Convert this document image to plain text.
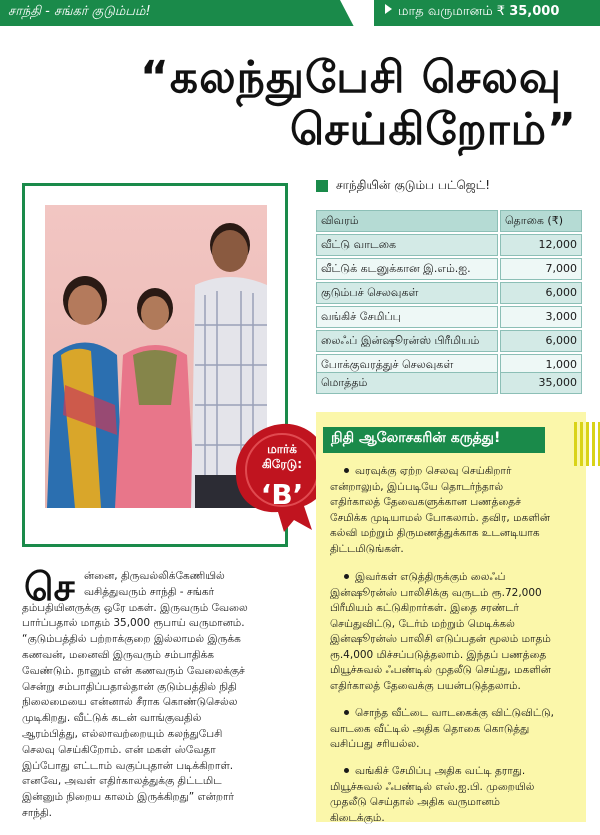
சாந்தி - சங்கர் குடும்பம்!	மாத வருமானம் ₹ 35,000
“கலந்துபேசி செலவு
செய்கிறோம்”
மார்க்
கிரேடு:
‘B’
சாந்தியின் குடும்ப பட்ஜெட்!
விவரம்	தொகை (₹)
வீட்டு வாடகை	12,000
வீட்டுக் கடனுக்கான இ.எம்.ஐ.	7,000
குடும்பச் செலவுகள்	6,000
வங்கிச் சேமிப்பு	3,000
லைஃப் இன்ஷூரன்ஸ் பிரீமியம்	6,000
போக்குவரத்துச் செலவுகள்	1,000
மொத்தம்	35,000
நிதி ஆலோசகரின் கருத்து!

வரவுக்கு ஏற்ற செலவு செய்கிறார்

என்றாலும், இப்படியே தொடர்ந்தால்

எதிர்காலத் தேவைகளுக்கான பணத்தைச்

சேமிக்க முடியாமல் போகலாம். தவிர, மகளின்

கல்வி மற்றும் திருமணத்துக்காக உடனடியாக

திட்டமிடுங்கள்.

இவர்கள் எடுத்திருக்கும் லைஃப்

இன்ஷூரன்ஸ் பாலிசிக்கு வருடம் ரூ.72,000

பிரீமியம் கட்டுகிறார்கள். இதை சரண்டர்

செய்துவிட்டு, டேர்ம் மற்றும் மெடிக்கல்

இன்ஷூரன்ஸ் பாலிசி எடுப்பதன் மூலம் மாதம்

ரூ.4,000 மிச்சப்படுத்தலாம். இந்தப் பணத்தை

மியூச்சுவல் ஃபண்டில் முதலீடு செய்து, மகளின்

எதிர்காலத் தேவைக்கு பயன்படுத்தலாம்.

சொந்த வீட்டை வாடகைக்கு விட்டுவிட்டு,

வாடகை வீட்டில் அதிக தொகை கொடுத்து

வசிப்பது சரியல்ல.

வங்கிச் சேமிப்பு அதிக வட்டி தராது.

மியூச்சுவல் ஃபண்டில் எஸ்.ஐ.பி. முறையில்

முதலீடு செய்தால் அதிக வருமானம்

கிடைக்கும்.

செ ன்னை, திருவல்லிக்கேணியில்

வசித்துவரும் சாந்தி - சங்கர்

தம்பதியினருக்கு ஒரே மகள். இருவரும் வேலை

பார்ப்பதால் மாதம் 35,000 ரூபாய் வருமானம்.

“குடும்பத்தில் பற்றாக்குறை இல்லாமல் இருக்க

கணவன், மனைவி இருவரும் சம்பாதிக்க

வேண்டும். நானும் என் கணவரும் வேலைக்குச்

சென்று சம்பாதிப்பதால்தான் குடும்பத்தில் நிதி

நிலைமையை என்னால் சீராக கொண்டுசெல்ல

முடிகிறது. வீட்டுக் கடன் வாங்குவதில்

ஆரம்பித்து, எல்லாவற்றையும் கலந்துபேசி

செலவு செய்கிறோம். என் மகள் ஸ்வேதா

இப்போது எட்டாம் வகுப்புதான் படிக்கிறாள்.

எனவே, அவள் எதிர்காலத்துக்கு திட்டமிட

இன்னும் நிறைய காலம் இருக்கிறது” என்றார்

சாந்தி.
